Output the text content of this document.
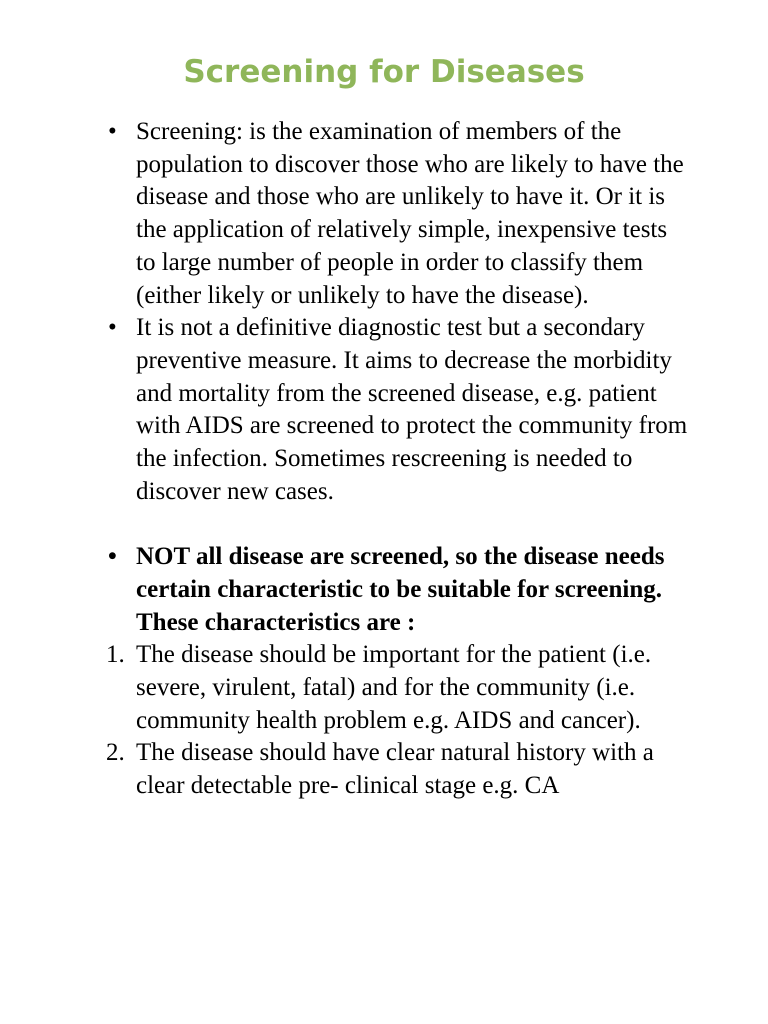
Screening for Diseases
• Screening: is the examination of members of the population to discover those who are likely to have the disease and those who are unlikely to have it. Or it is the application of relatively simple, inexpensive tests to large number of people in order to classify them (either likely or unlikely to have the disease).
• It is not a definitive diagnostic test but a secondary preventive measure. It aims to decrease the morbidity and mortality from the screened disease, e.g. patient with AIDS are screened to protect the community from the infection. Sometimes rescreening is needed to discover new cases.
• NOT all disease are screened, so the disease needs certain characteristic to be suitable for screening. These characteristics are :
1. The disease should be important for the patient (i.e. severe, virulent, fatal) and for the community (i.e. community health problem e.g. AIDS and cancer).
2. The disease should have clear natural history with a clear detectable pre- clinical stage e.g. CA
